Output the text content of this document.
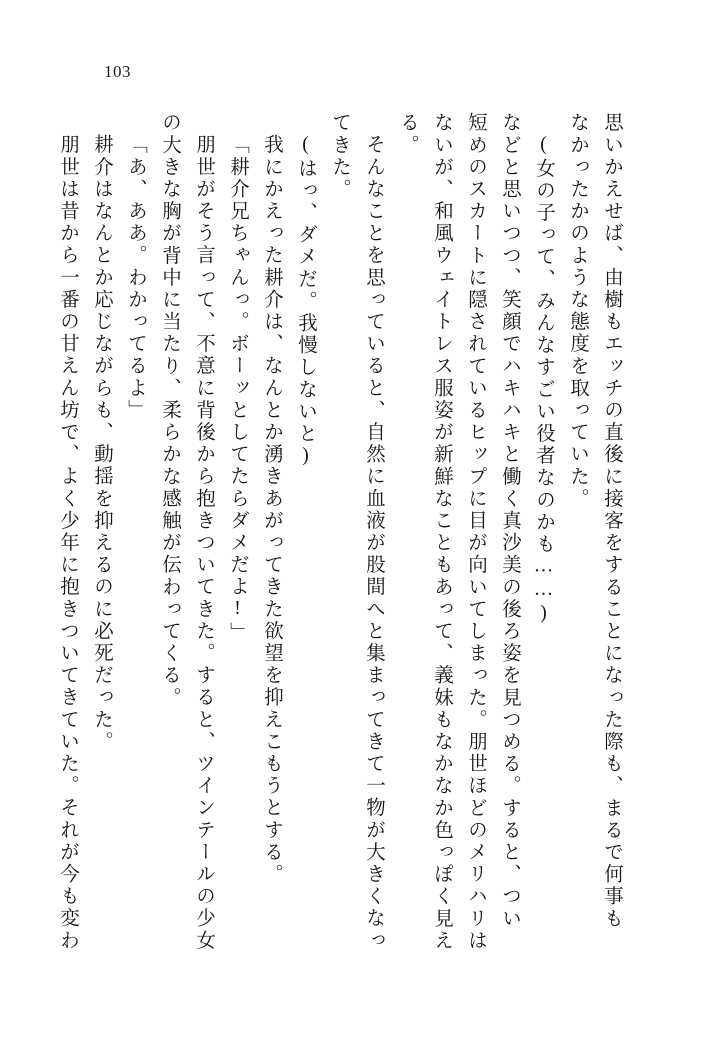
103
思いかえせば、由樹もエッチの直後に接客をすることになった際も、まるで何事も
なかったかのような態度を取っていた。
(女の子って、みんなすごい役者なのかも……)
などと思いつつ、笑顔でハキハキと働く真沙美の後ろ姿を見つめる。すると、つい
短めのスカートに隠されているヒップに目が向いてしまった。朋世ほどのメリハリは
ないが、和風ウェイトレス服姿が新鮮なこともあって、義妹もなかなか色っぽく見え
る。
そんなことを思っていると、自然に血液が股間へと集まってきて一物が大きくなっ
てきた。
(はっ、ダメだ。我慢しないと)
我にかえった耕介は、なんとか湧きあがってきた欲望を抑えこもうとする。
「耕介兄ちゃんっ。ボーッとしてたらダメだよ!」
朋世がそう言って、不意に背後から抱きついてきた。すると、ツインテールの少女
の大きな胸が背中に当たり、柔らかな感触が伝わってくる。
「あ、ああ。わかってるよ」
耕介はなんとか応じながらも、動揺を抑えるのに必死だった。
朋世は昔から一番の甘えん坊で、よく少年に抱きついてきていた。それが今も変わ
